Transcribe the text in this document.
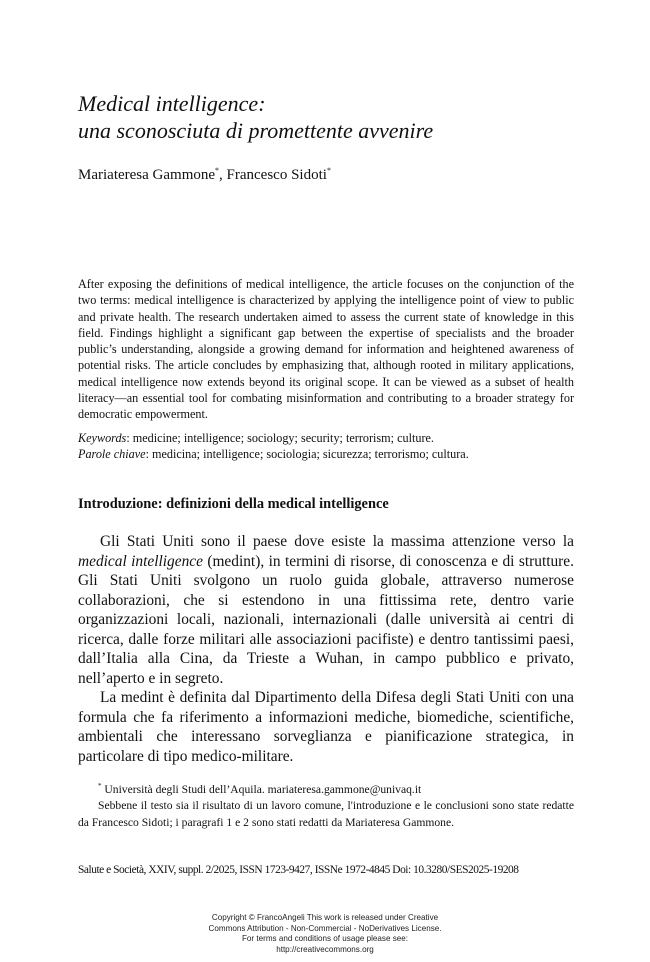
Medical intelligence:
una sconosciuta di promettente avvenire
Mariateresa Gammone*, Francesco Sidoti*

After exposing the definitions of medical intelligence, the article focuses on the conjunction of the two terms: medical intelligence is characterized by applying the intelligence point of view to public and private health. The research undertaken aimed to assess the current state of knowledge in this field. Findings highlight a significant gap between the expertise of specialists and the broader public’s understanding, alongside a growing demand for information and heightened awareness of potential risks. The article concludes by emphasizing that, although rooted in military applications, medical intelligence now extends beyond its original scope. It can be viewed as a subset of health literacy—an essential tool for combating misinformation and contributing to a broader strategy for democratic empowerment.

Keywords: medicine; intelligence; sociology; security; terrorism; culture.
Parole chiave: medicina; intelligence; sociologia; sicurezza; terrorismo; cultura.
Introduzione: definizioni della medical intelligence

Gli Stati Uniti sono il paese dove esiste la massima attenzione verso la medical intelligence (medint), in termini di risorse, di conoscenza e di strutture. Gli Stati Uniti svolgono un ruolo guida globale, attraverso numerose collaborazioni, che si estendono in una fittissima rete, dentro varie organizzazioni locali, nazionali, internazionali (dalle università ai centri di ricerca, dalle forze militari alle associazioni pacifiste) e dentro tantissimi paesi, dall’Italia alla Cina, da Trieste a Wuhan, in campo pubblico e privato, nell’aperto e in segreto.

La medint è definita dal Dipartimento della Difesa degli Stati Uniti con una formula che fa riferimento a informazioni mediche, biomediche, scientifiche, ambientali che interessano sorveglianza e pianificazione strategica, in particolare di tipo medico-militare.

* Università degli Studi dell’Aquila. mariateresa.gammone@univaq.it

Sebbene il testo sia il risultato di un lavoro comune, l'introduzione e le conclusioni sono state redatte da Francesco Sidoti; i paragrafi 1 e 2 sono stati redatti da Mariateresa Gammone.

Salute e Società, XXIV, suppl. 2/2025, ISSN 1723-9427, ISSNe 1972-4845 Doi: 10.3280/SES2025-19208
Copyright © FrancoAngeli This work is released under Creative
Commons Attribution - Non-Commercial - NoDerivatives License.
For terms and conditions of usage please see:
http://creativecommons.org
